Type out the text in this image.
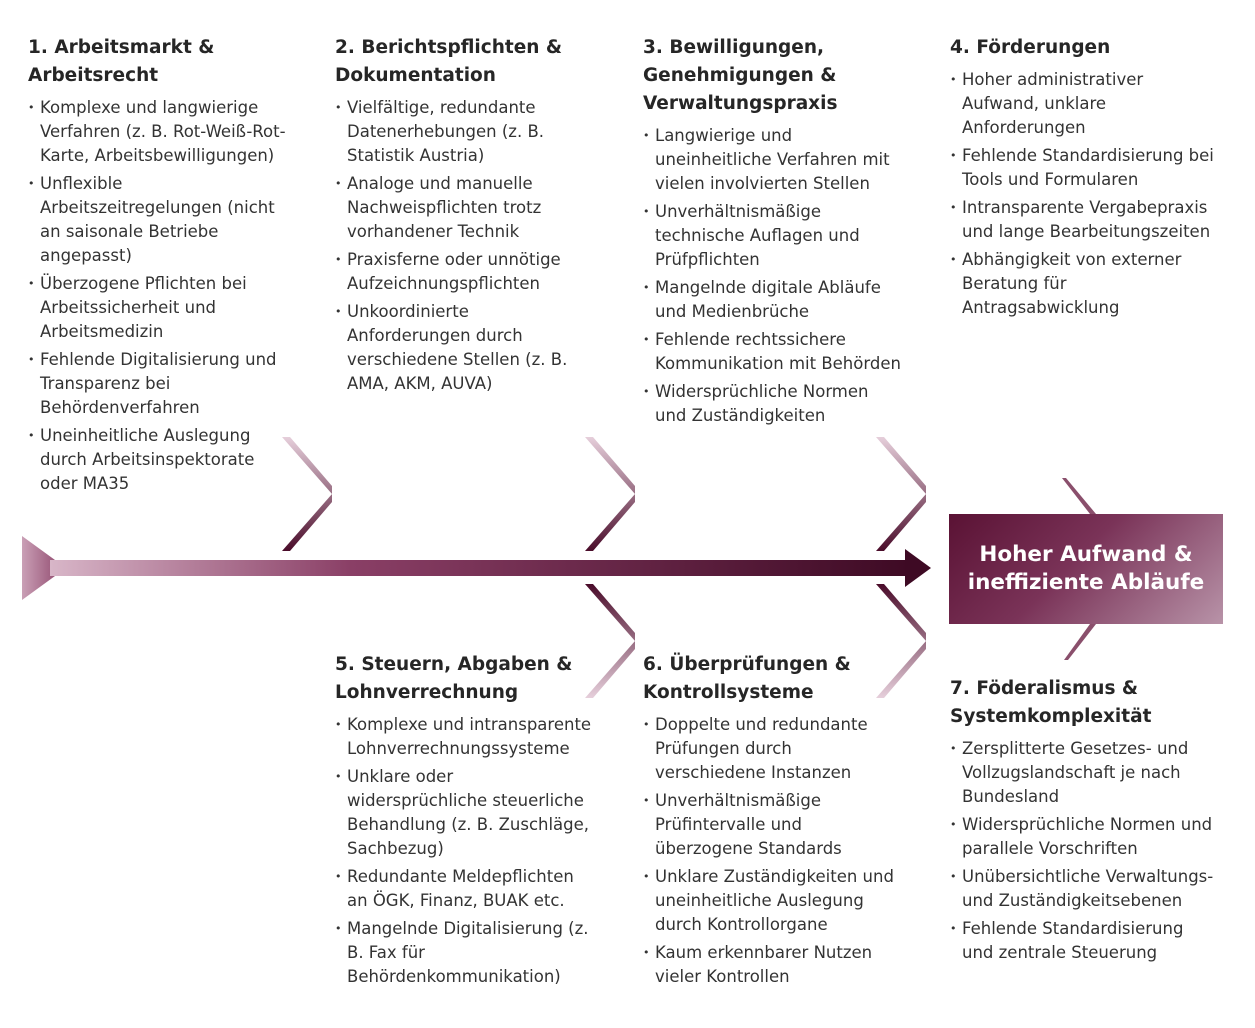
Hoher Aufwand &
ineffiziente Abläufe
1. Arbeitsmarkt &
Arbeitsrecht
• Komplexe und langwierige Verfahren (z. B. Rot-Weiß-Rot-Karte, Arbeitsbewilligungen)
• Unflexible Arbeitszeitregelungen (nicht an saisonale Betriebe angepasst)
• Überzogene Pflichten bei Arbeitssicherheit und Arbeitsmedizin
• Fehlende Digitalisierung und Transparenz bei Behördenverfahren
• Uneinheitliche Auslegung durch Arbeitsinspektorate oder MA35
2. Berichtspflichten &
Dokumentation
• Vielfältige, redundante Datenerhebungen (z. B. Statistik Austria)
• Analoge und manuelle Nachweispflichten trotz vorhandener Technik
• Praxisferne oder unnötige Aufzeichnungspflichten
• Unkoordinierte Anforderungen durch verschiedene Stellen (z. B. AMA, AKM, AUVA)
3. Bewilligungen,
Genehmigungen &
Verwaltungspraxis
• Langwierige und uneinheitliche Verfahren mit vielen involvierten Stellen
• Unverhältnismäßige technische Auflagen und Prüfpflichten
• Mangelnde digitale Abläufe und Medienbrüche
• Fehlende rechtssichere Kommunikation mit Behörden
• Widersprüchliche Normen und Zuständigkeiten
4. Förderungen
• Hoher administrativer Aufwand, unklare Anforderungen
• Fehlende Standardisierung bei Tools und Formularen
• Intransparente Vergabepraxis und lange Bearbeitungszeiten
• Abhängigkeit von externer Beratung für Antragsabwicklung
5. Steuern, Abgaben &
Lohnverrechnung
• Komplexe und intransparente Lohnverrechnungssysteme
• Unklare oder widersprüchliche steuerliche Behandlung (z. B. Zuschläge, Sachbezug)
• Redundante Meldepflichten an ÖGK, Finanz, BUAK etc.
• Mangelnde Digitalisierung (z. B. Fax für Behördenkommunikation)
6. Überprüfungen &
Kontrollsysteme
• Doppelte und redundante Prüfungen durch verschiedene Instanzen
• Unverhältnismäßige Prüfintervalle und überzogene Standards
• Unklare Zuständigkeiten und uneinheitliche Auslegung durch Kontrollorgane
• Kaum erkennbarer Nutzen vieler Kontrollen
7. Föderalismus &
Systemkomplexität
• Zersplitterte Gesetzes- und Vollzugslandschaft je nach Bundesland
• Widersprüchliche Normen und parallele Vorschriften
• Unübersichtliche Verwaltungs- und Zuständigkeitsebenen
• Fehlende Standardisierung und zentrale Steuerung
